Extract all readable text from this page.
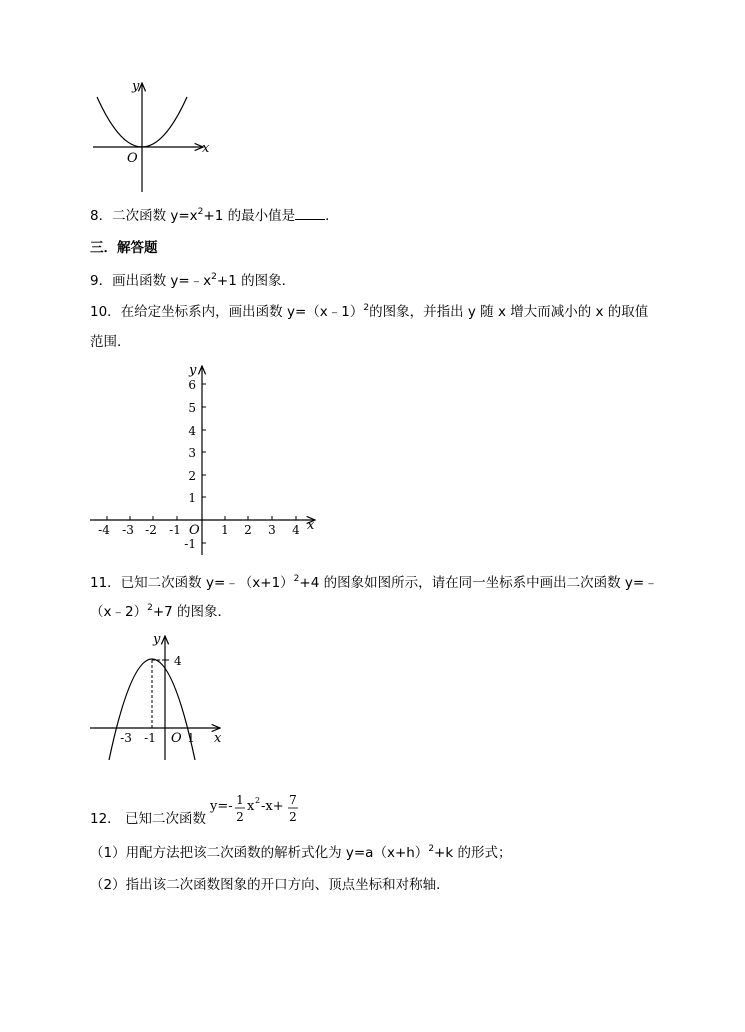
x
y
O
8．二次函数 $y=x^2+1$ 的最小值是 ．
三．解答题
9．画出函数 $y=﹣x^2+1$ 的图象．
10．在给定坐标系内，画出函数 y=（x﹣1）$^2$的图象，并指出 y 随 x 增大而减小的 x 的取值
范围．
-4 -3 -2 -1	1 2 3 4
6
5
4
3
2
1
-1
x
y
O
11．已知二次函数 $y=﹣(x+1)^2+4$ 的图象如图所示，请在同一坐标系中画出二次函数 y=﹣
（x﹣2）$^2$+7 的图象．
-3 -1	1
4
x
y
O
12． 已知二次函数
y=- 1
2
x 2 -x+ 7
2
（1）用配方法把该二次函数的解析式化为 $y=a(x+h)^2+k$ 的形式；
（2）指出该二次函数图象的开口方向、顶点坐标和对称轴．
